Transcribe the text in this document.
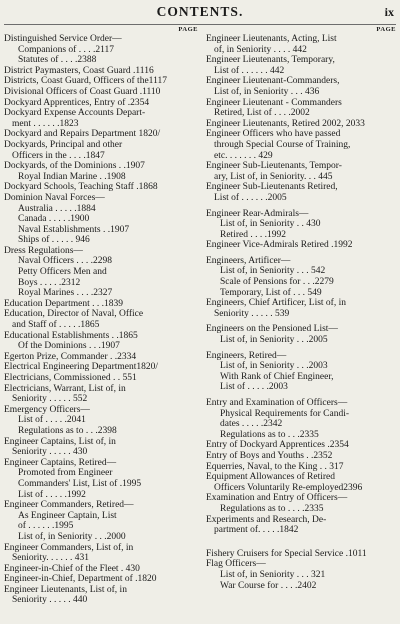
CONTENTS.	ix
PAGE
Distinguished Service Order—
Companions of . . . .2117
Statutes of . . . .2388
District Paymasters, Coast Guard .1116
Districts, Coast Guard, Officers of the1117
Divisional Officers of Coast Guard .1110
Dockyard Apprentices, Entry of .2354
Dockyard Expense Accounts Depart-
ment . . . . . .1823
Dockyard and Repairs Department 1820/
Dockyards, Principal and other
Officers in the . . . .1847
Dockyards, of the Dominions . .1907
Royal Indian Marine . .1908
Dockyard Schools, Teaching Staff .1868
Dominion Naval Forces—
Australia . . . . .1884
Canada . . . . .1900
Naval Establishments . .1907
Ships of . . . . . 946
Dress Regulations—
Naval Officers . . . .2298
Petty Officers Men and
Boys . . . . .2312
Royal Marines . . . .2327
Education Department . . .1839
Education, Director of Naval, Office
and Staff of . . . . .1865
Educational Establishments . .1865
Of the Dominions . . .1907
Egerton Prize, Commander . .2334
Electrical Engineering Department1820/
Electricians, Commissioned . . 551
Electricians, Warrant, List of, in
Seniority . . . . . 552
Emergency Officers—
List of . . . . .2041
Regulations as to . . .2398
Engineer Captains, List of, in
Seniority . . . . . 430
Engineer Captains, Retired—
Promoted from Engineer
Commanders' List, List of .1995
List of . . . . .1992
Engineer Commanders, Retired—
As Engineer Captain, List
of . . . . . .1995
List of, in Seniority . . .2000
Engineer Commanders, List of, in
Seniority. . . . . . 431
Engineer-in-Chief of the Fleet . 430
Engineer-in-Chief, Department of .1820
Engineer Lieutenants, List of, in
Seniority . . . . . 440
PAGE
Engineer Lieutenants, Acting, List
of, in Seniority . . . . 442
Engineer Lieutenants, Temporary,
List of . . . . . . 442
Engineer Lieutenant-Commanders,
List of, in Seniority . . . 436
Engineer Lieutenant - Commanders
Retired, List of . . . .2002
Engineer Lieutenants, Retired 2002, 2033
Engineer Officers who have passed
through Special Course of Training,
etc. . . . . . . 429
Engineer Sub-Lieutenants, Tempor-
ary, List of, in Seniority. . . 445
Engineer Sub-Lieutenants Retired,
List of . . . . . .2005
Engineer Rear-Admirals—
List of, in Seniority . . 430
Retired . . . .1992
Engineer Vice-Admirals Retired .1992
Engineers, Artificer—
List of, in Seniority . . . 542
Scale of Pensions for . . .2279
Temporary, List of . . . 549
Engineers, Chief Artificer, List of, in
Seniority . . . . . 539
Engineers on the Pensioned List—
List of, in Seniority . . .2005
Engineers, Retired—
List of, in Seniority . . .2003
With Rank of Chief Engineer,
List of . . . . .2003
Entry and Examination of Officers—
Physical Requirements for Candi-
dates . . . . .2342
Regulations as to . . .2335
Entry of Dockyard Apprentices .2354
Entry of Boys and Youths . .2352
Equerries, Naval, to the King . . 317
Equipment Allowances of Retired
Officers Voluntarily Re-employed2396
Examination and Entry of Officers—
Regulations as to . . . .2335
Experiments and Research, De-
partment of. . . . .1842
Fishery Cruisers for Special Service .1011
Flag Officers—
List of, in Seniority . . . 321
War Course for . . . .2402
